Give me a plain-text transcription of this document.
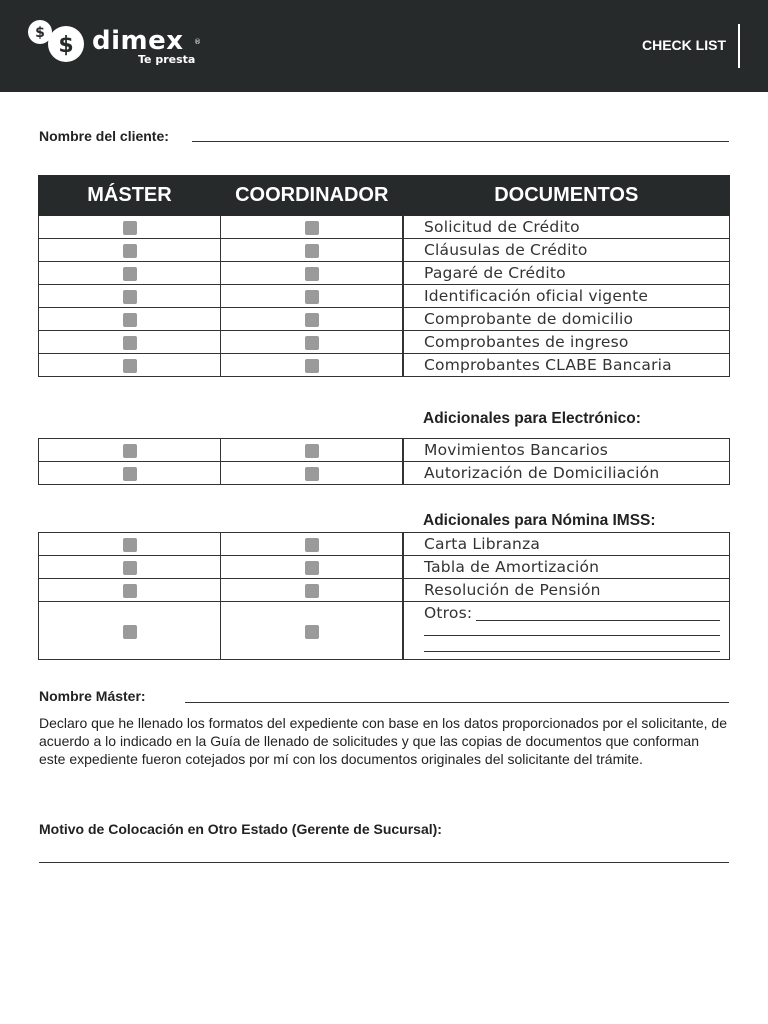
$ $ dimex ®
Te presta
CHECK LIST
Nombre del cliente:
MÁSTER	COORDINADOR	DOCUMENTOS
		Solicitud de Crédito
		Cláusulas de Crédito
		Pagaré de Crédito
		Identificación oficial vigente
		Comprobante de domicilio
		Comprobantes de ingreso
		Comprobantes CLABE Bancaria
Adicionales para Electrónico:
		Movimientos Bancarios
		Autorización de Domiciliación
Adicionales para Nómina IMSS:
		Carta Libranza
		Tabla de Amortización
		Resolución de Pensión
		Otros:
Nombre Máster:
Declaro que he llenado los formatos del expediente con base en los datos proporcionados por el solicitante, de acuerdo a lo indicado en la Guía de llenado de solicitudes y que las copias de documentos que conforman este expediente fueron cotejados por mí con los documentos originales del solicitante del trámite.
Motivo de Colocación en Otro Estado (Gerente de Sucursal):
